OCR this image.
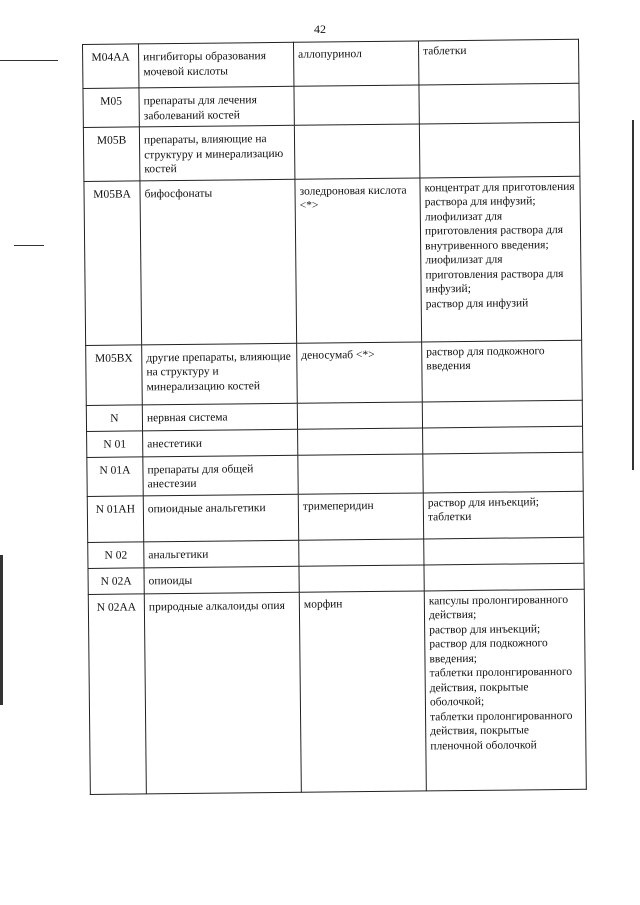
42
M04AA	ингибиторы образования мочевой кислоты	аллопуринол	таблетки

M05	препараты для лечения заболеваний костей		
M05B	препараты, влияющие на структуру и минерализацию костей		
M05BA	бифосфонаты	золедроновая кислота <*>	концентрат для приготовления раствора для инфузий;
лиофилизат для приготовления раствора для внутривенного введения;
лиофилизат для приготовления раствора для инфузий;
раствор для инфузий

M05BX	другие препараты, влияющие на структуру и минерализацию костей	деносумаб <*>	раствор для подкожного введения

N	нервная система		
N 01	анестетики		
N 01A	препараты для общей анестезии		
N 01AH	опиоидные анальгетики	тримеперидин	раствор для инъекций;
таблетки

N 02	анальгетики		
N 02A	опиоиды		
N 02AA	природные алкалоиды опия	морфин	капсулы пролонгированного действия;
раствор для инъекций;
раствор для подкожного введения;
таблетки пролонгированного действия, покрытые оболочкой;
таблетки пролонгированного действия, покрытые пленочной оболочкой
